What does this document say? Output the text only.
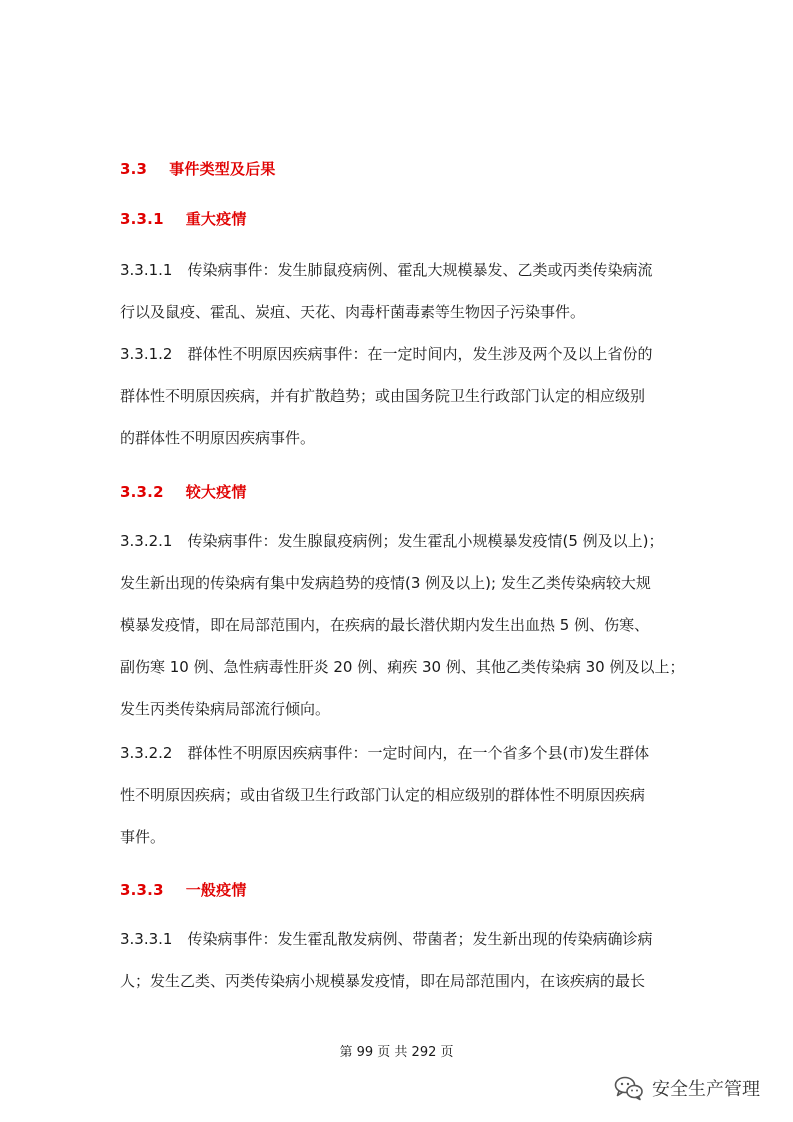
3.3 事件类型及后果
3.3.1 重大疫情
3.3.1.1　传染病事件：发生肺鼠疫病例、霍乱大规模暴发、乙类或丙类传染病流
行以及鼠疫、霍乱、炭疽、天花、肉毒杆菌毒素等生物因子污染事件。
3.3.1.2　群体性不明原因疾病事件：在一定时间内，发生涉及两个及以上省份的
群体性不明原因疾病，并有扩散趋势；或由国务院卫生行政部门认定的相应级别
的群体性不明原因疾病事件。
3.3.2 较大疫情
3.3.2.1　传染病事件：发生腺鼠疫病例；发生霍乱小规模暴发疫情(5 例及以上)；
发生新出现的传染病有集中发病趋势的疫情(3 例及以上); 发生乙类传染病较大规
模暴发疫情，即在局部范围内，在疾病的最长潜伏期内发生出血热 5 例、伤寒、
副伤寒 10 例、急性病毒性肝炎 20 例、痢疾 30 例、其他乙类传染病 30 例及以上；
发生丙类传染病局部流行倾向。
3.3.2.2　群体性不明原因疾病事件：一定时间内，在一个省多个县(市)发生群体
性不明原因疾病；或由省级卫生行政部门认定的相应级别的群体性不明原因疾病
事件。
3.3.3 一般疫情
3.3.3.1　传染病事件：发生霍乱散发病例、带菌者；发生新出现的传染病确诊病
人；发生乙类、丙类传染病小规模暴发疫情，即在局部范围内，在该疾病的最长
第 99 页 共 292 页
安全生产管理
